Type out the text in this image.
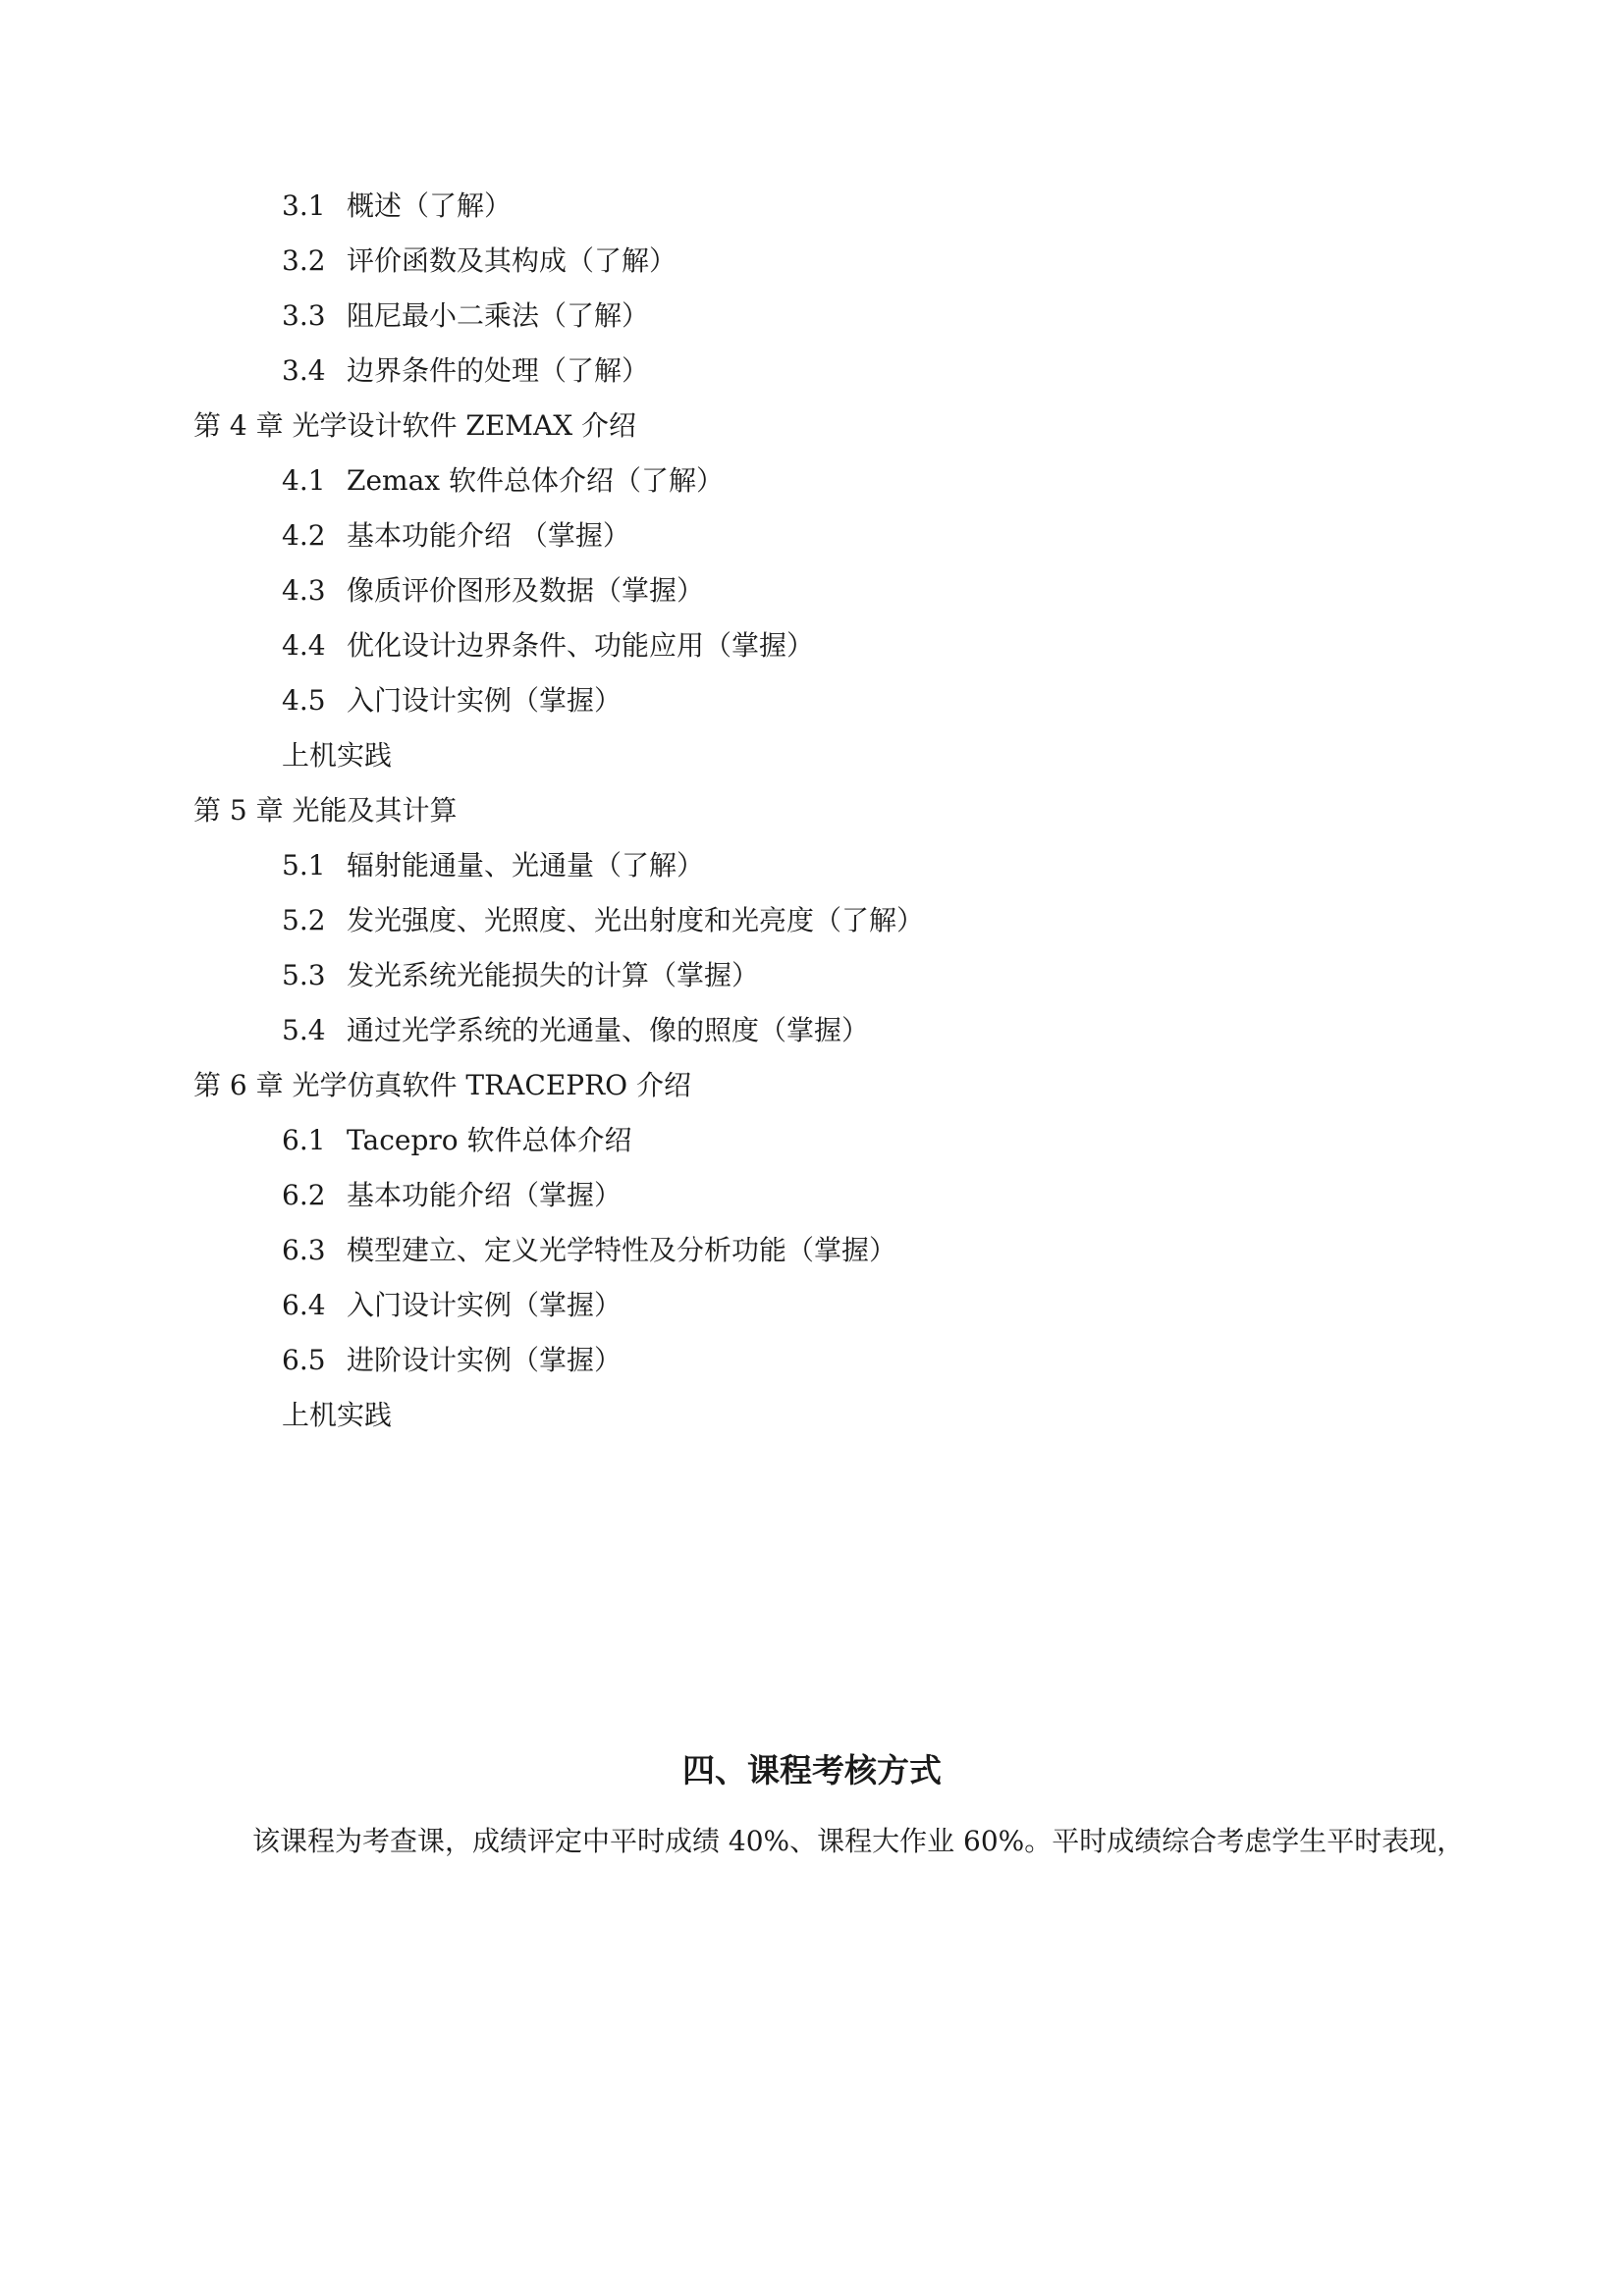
3.1 概述（了解）
3.2 评价函数及其构成（了解）
3.3 阻尼最小二乘法（了解）
3.4 边界条件的处理（了解）
第 4 章 光学设计软件 ZEMAX 介绍
4.1 Zemax 软件总体介绍（了解）
4.2 基本功能介绍 （掌握）
4.3 像质评价图形及数据（掌握）
4.4 优化设计边界条件、功能应用（掌握）
4.5 入门设计实例（掌握）
上机实践
第 5 章 光能及其计算
5.1 辐射能通量、光通量（了解）
5.2 发光强度、光照度、光出射度和光亮度（了解）
5.3 发光系统光能损失的计算（掌握）
5.4 通过光学系统的光通量、像的照度（掌握）
第 6 章 光学仿真软件 TRACEPRO 介绍
6.1 Tacepro 软件总体介绍
6.2 基本功能介绍（掌握）
6.3 模型建立、定义光学特性及分析功能（掌握）
6.4 入门设计实例（掌握）
6.5 进阶设计实例（掌握）
上机实践
四、课程考核方式
该课程为考查课，成绩评定中平时成绩 40%、课程大作业 60%。平时成绩综合考虑学生平时表现，
